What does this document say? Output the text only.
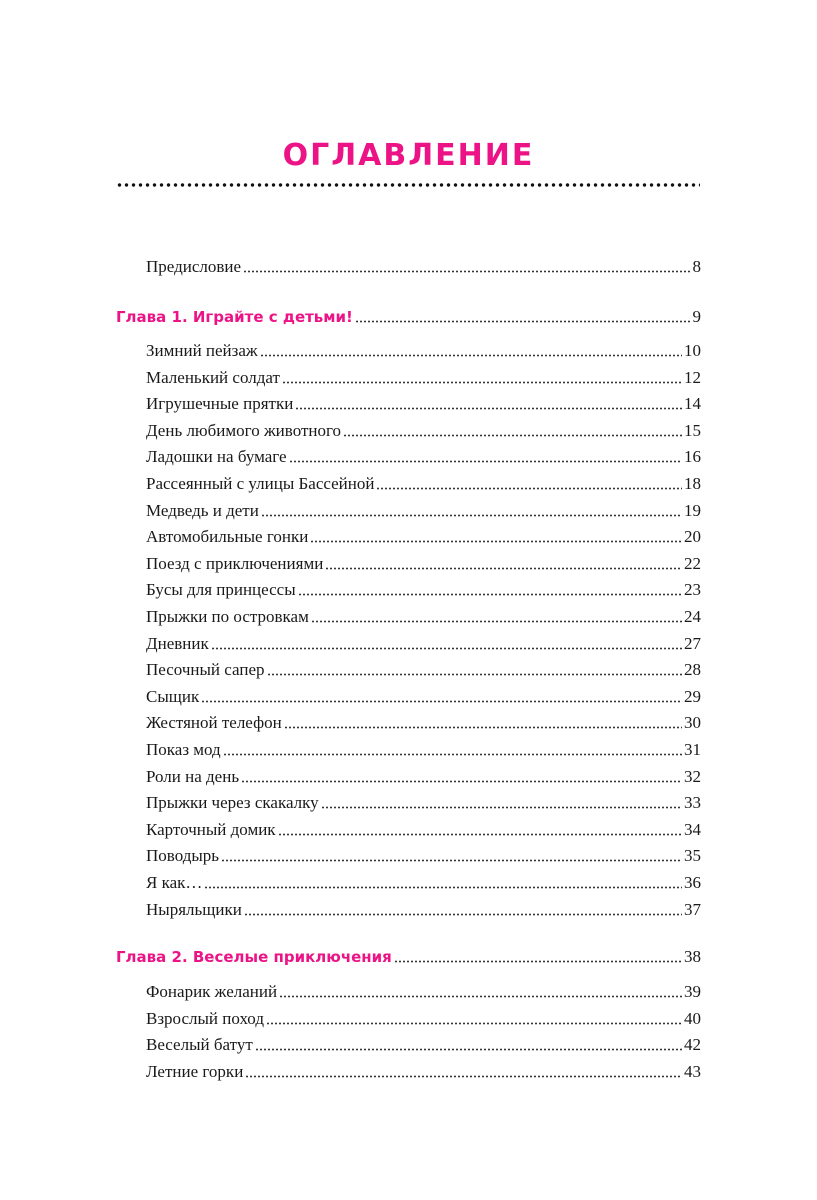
ОГЛАВЛЕНИЕ
Предисловие	8
Глава 1. Играйте с детьми!	9
Зимний пейзаж	10
Маленький солдат	12
Игрушечные прятки	14
День любимого животного	15
Ладошки на бумаге	16
Рассеянный с улицы Бассейной	18
Медведь и дети	19
Автомобильные гонки	20
Поезд с приключениями	22
Бусы для принцессы	23
Прыжки по островкам	24
Дневник	27
Песочный сапер	28
Сыщик	29
Жестяной телефон	30
Показ мод	31
Роли на день	32
Прыжки через скакалку	33
Карточный домик	34
Поводырь	35
Я как…	36
Ныряльщики	37
Глава 2. Веселые приключения	38
Фонарик желаний	39
Взрослый поход	40
Веселый батут	42
Летние горки	43
